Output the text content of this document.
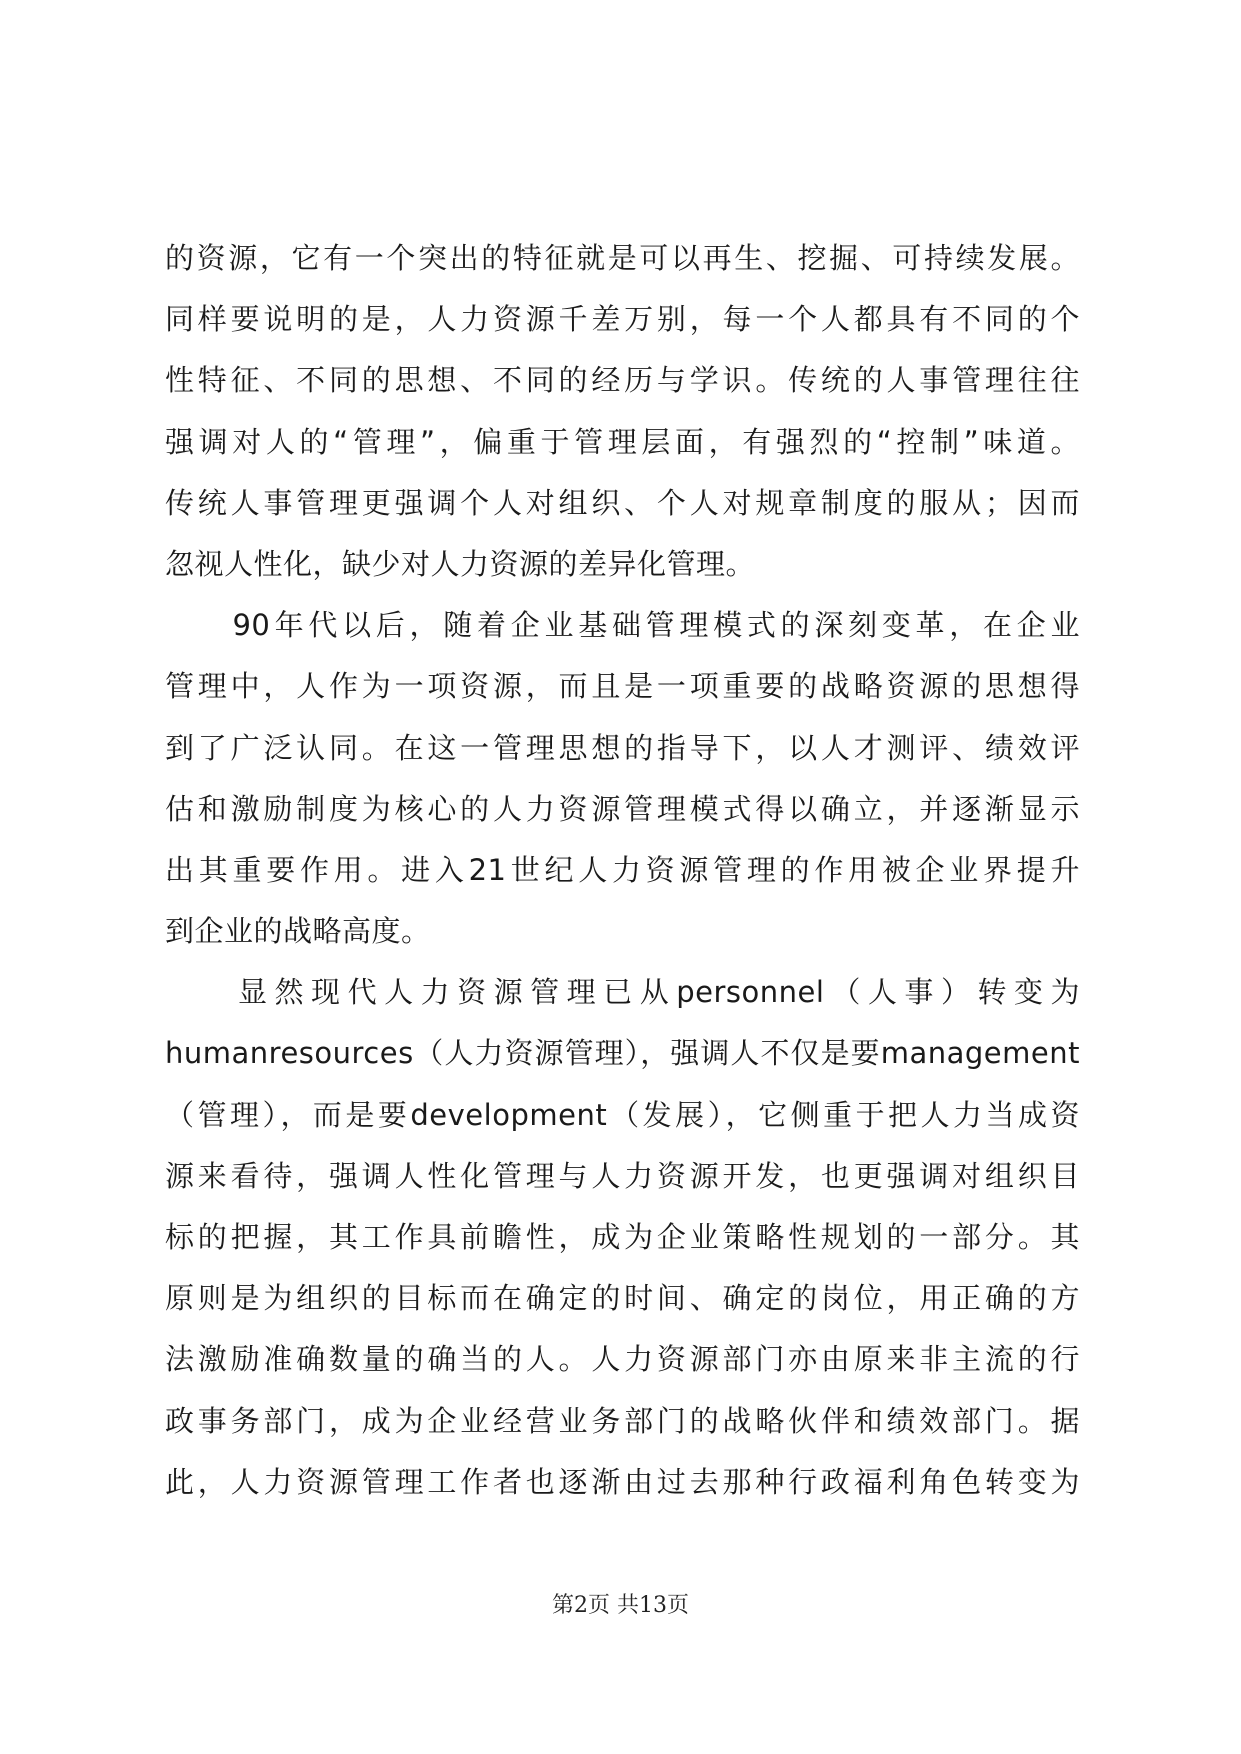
的资源，它有一个突出的特征就是可以再生、挖掘、可持续发展。
同样要说明的是，人力资源千差万别，每一个人都具有不同的个
性特征、不同的思想、不同的经历与学识。传统的人事管理往往
强调对人的“管理”，偏重于管理层面，有强烈的“控制”味道。
传统人事管理更强调个人对组织、个人对规章制度的服从；因而
忽视人性化，缺少对人力资源的差异化管理。
　　90年代以后，随着企业基础管理模式的深刻变革，在企业
管理中，人作为一项资源，而且是一项重要的战略资源的思想得
到了广泛认同。在这一管理思想的指导下，以人才测评、绩效评
估和激励制度为核心的人力资源管理模式得以确立，并逐渐显示
出其重要作用。进入21世纪人力资源管理的作用被企业界提升
到企业的战略高度。
　　显然现代人力资源管理已从personnel（人事）转变为
humanresources（人力资源管理），强调人不仅是要management
（管理），而是要development（发展），它侧重于把人力当成资
源来看待，强调人性化管理与人力资源开发，也更强调对组织目
标的把握，其工作具前瞻性，成为企业策略性规划的一部分。其
原则是为组织的目标而在确定的时间、确定的岗位，用正确的方
法激励准确数量的确当的人。人力资源部门亦由原来非主流的行
政事务部门，成为企业经营业务部门的战略伙伴和绩效部门。据
此，人力资源管理工作者也逐渐由过去那种行政福利角色转变为
第2页 共13页
